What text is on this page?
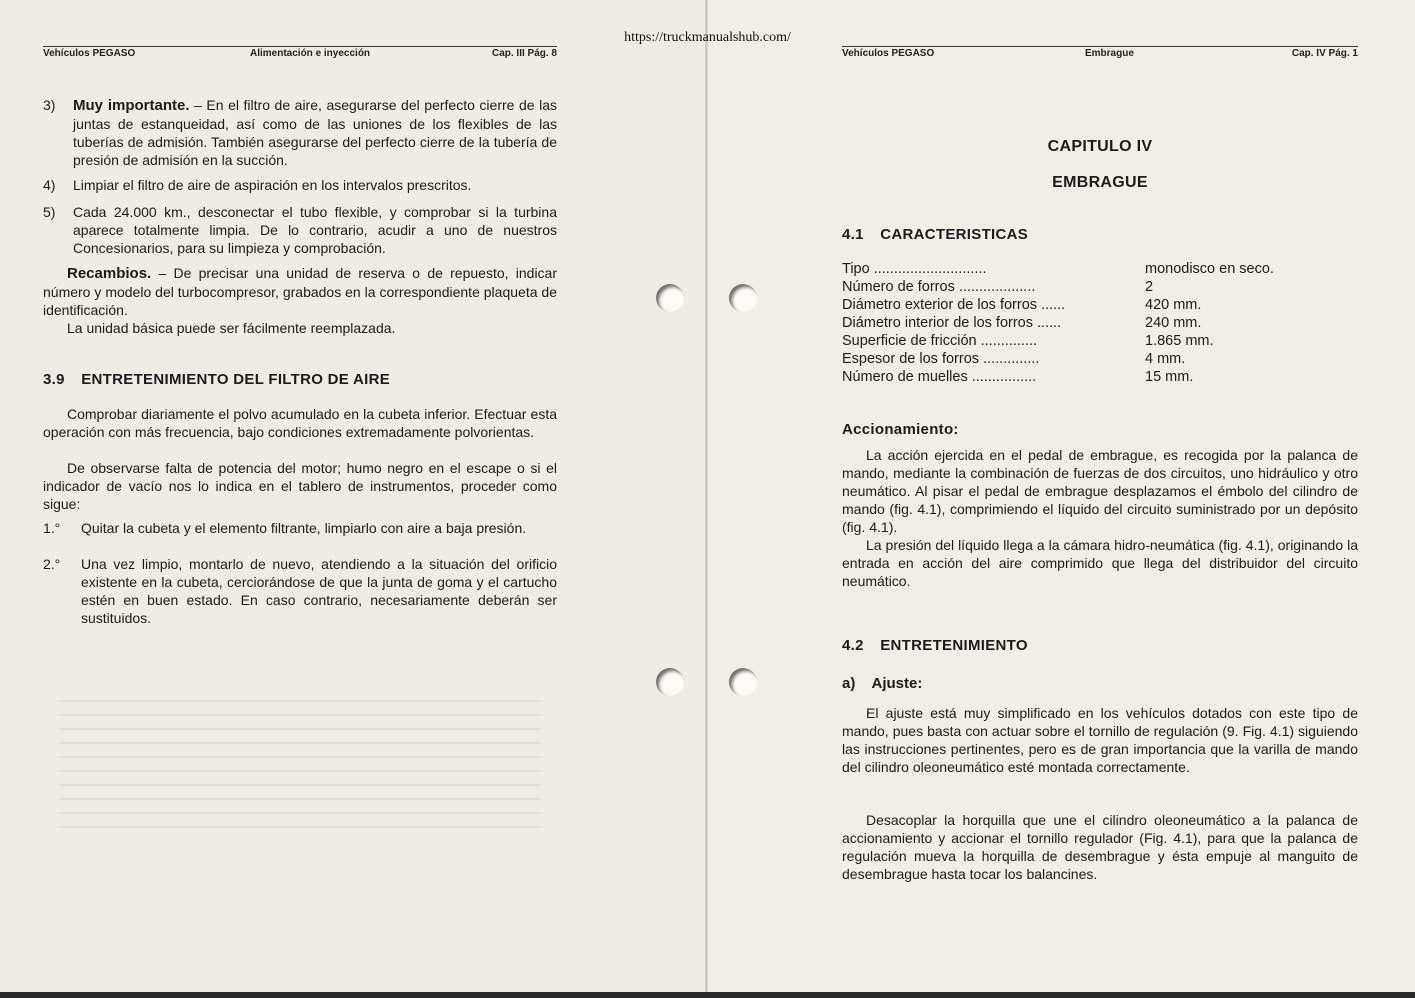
Vehículos PEGASO	Alimentación e inyección	Cap. III Pág. 8
3) Muy importante. – En el filtro de aire, asegurarse del perfecto cierre de las juntas de estanqueidad, así como de las uniones de los flexibles de las tuberías de admisión. También asegurarse del perfecto cierre de la tubería de presión de admisión en la succión.
4) Limpiar el filtro de aire de aspiración en los intervalos prescritos.
5) Cada 24.000 km., desconectar el tubo flexible, y comprobar si la turbina aparece totalmente limpia. De lo contrario, acudir a uno de nuestros Concesionarios, para su limpieza y comprobación.
Recambios. – De precisar una unidad de reserva o de repuesto, indicar número y modelo del turbocompresor, grabados en la correspondiente plaqueta de identificación.
La unidad básica puede ser fácilmente reemplazada.
3.9 ENTRETENIMIENTO DEL FILTRO DE AIRE
Comprobar diariamente el polvo acumulado en la cubeta inferior. Efectuar esta operación con más frecuencia, bajo condiciones extremadamente polvorientas.
De observarse falta de potencia del motor; humo negro en el escape o si el indicador de vacío nos lo indica en el tablero de instrumentos, proceder como sigue:
1.° Quitar la cubeta y el elemento filtrante, limpiarlo con aire a baja presión.
2.° Una vez limpio, montarlo de nuevo, atendiendo a la situación del orificio existente en la cubeta, cerciorándose de que la junta de goma y el cartucho estén en buen estado. En caso contrario, necesariamente deberán ser sustituidos.
Vehículos PEGASO	Embrague	Cap. IV Pág. 1
CAPITULO IV
EMBRAGUE
4.1 CARACTERISTICAS
Tipo ............................	monodisco en seco.
Número de forros ...................	2
Diámetro exterior de los forros ......	420 mm.
Diámetro interior de los forros ......	240 mm.
Superficie de fricción ..............	1.865 mm.
Espesor de los forros ..............	4 mm.
Número de muelles ................	15 mm.
Accionamiento:
La acción ejercida en el pedal de embrague, es recogida por la palanca de mando, mediante la combinación de fuerzas de dos circuitos, uno hidráulico y otro neumático. Al pisar el pedal de embrague desplazamos el émbolo del cilindro de mando (fig. 4.1), comprimiendo el líquido del circuito suministrado por un depósito (fig. 4.1).
La presión del líquido llega a la cámara hidro-neumática (fig. 4.1), originando la entrada en acción del aire comprimido que llega del distribuidor del circuito neumático.
4.2 ENTRETENIMIENTO
a) Ajuste:
El ajuste está muy simplificado en los vehículos dotados con este tipo de mando, pues basta con actuar sobre el tornillo de regulación (9. Fig. 4.1) siguiendo las instrucciones pertinentes, pero es de gran importancia que la varilla de mando del cilindro oleoneumático esté montada correctamente.
Desacoplar la horquilla que une el cilindro oleoneumático a la palanca de accionamiento y accionar el tornillo regulador (Fig. 4.1), para que la palanca de regulación mueva la horquilla de desembrague y ésta empuje al manguito de desembrague hasta tocar los balancines.
https://truckmanualshub.com/
